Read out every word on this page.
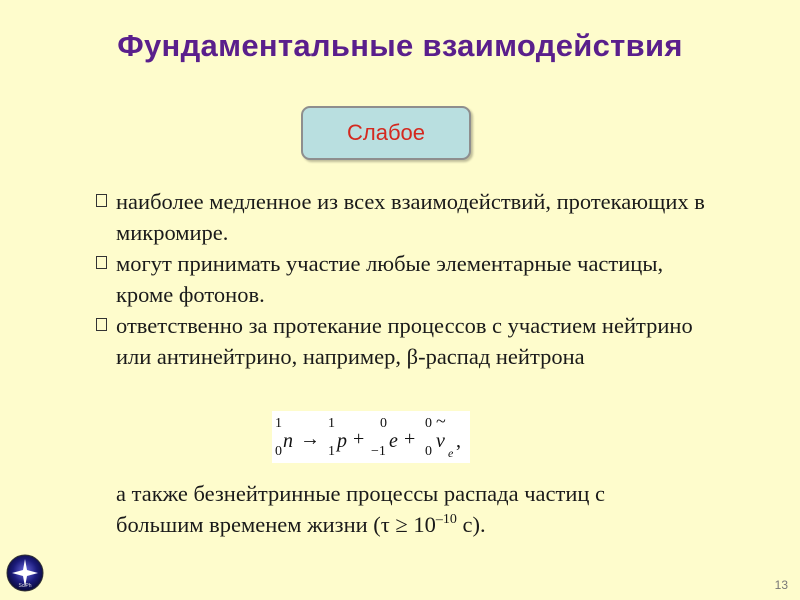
Фундаментальные взаимодействия
Слабое
наиболее медленное из всех взаимодействий, протекающих в микромире.
могут принимать участие любые элементарные частицы, кроме фотонов.
ответственно за протекание процессов с участием нейтрино или антинейтрино, например, β-распад нейтрона
1
0 n →
1
1 p +
0
−1 e +
0
0
~
v
e
,
а также безнейтринные процессы распада частиц с
большим временем жизни ($\tau \ge 10^{-10}$ с).
SciPh	13
